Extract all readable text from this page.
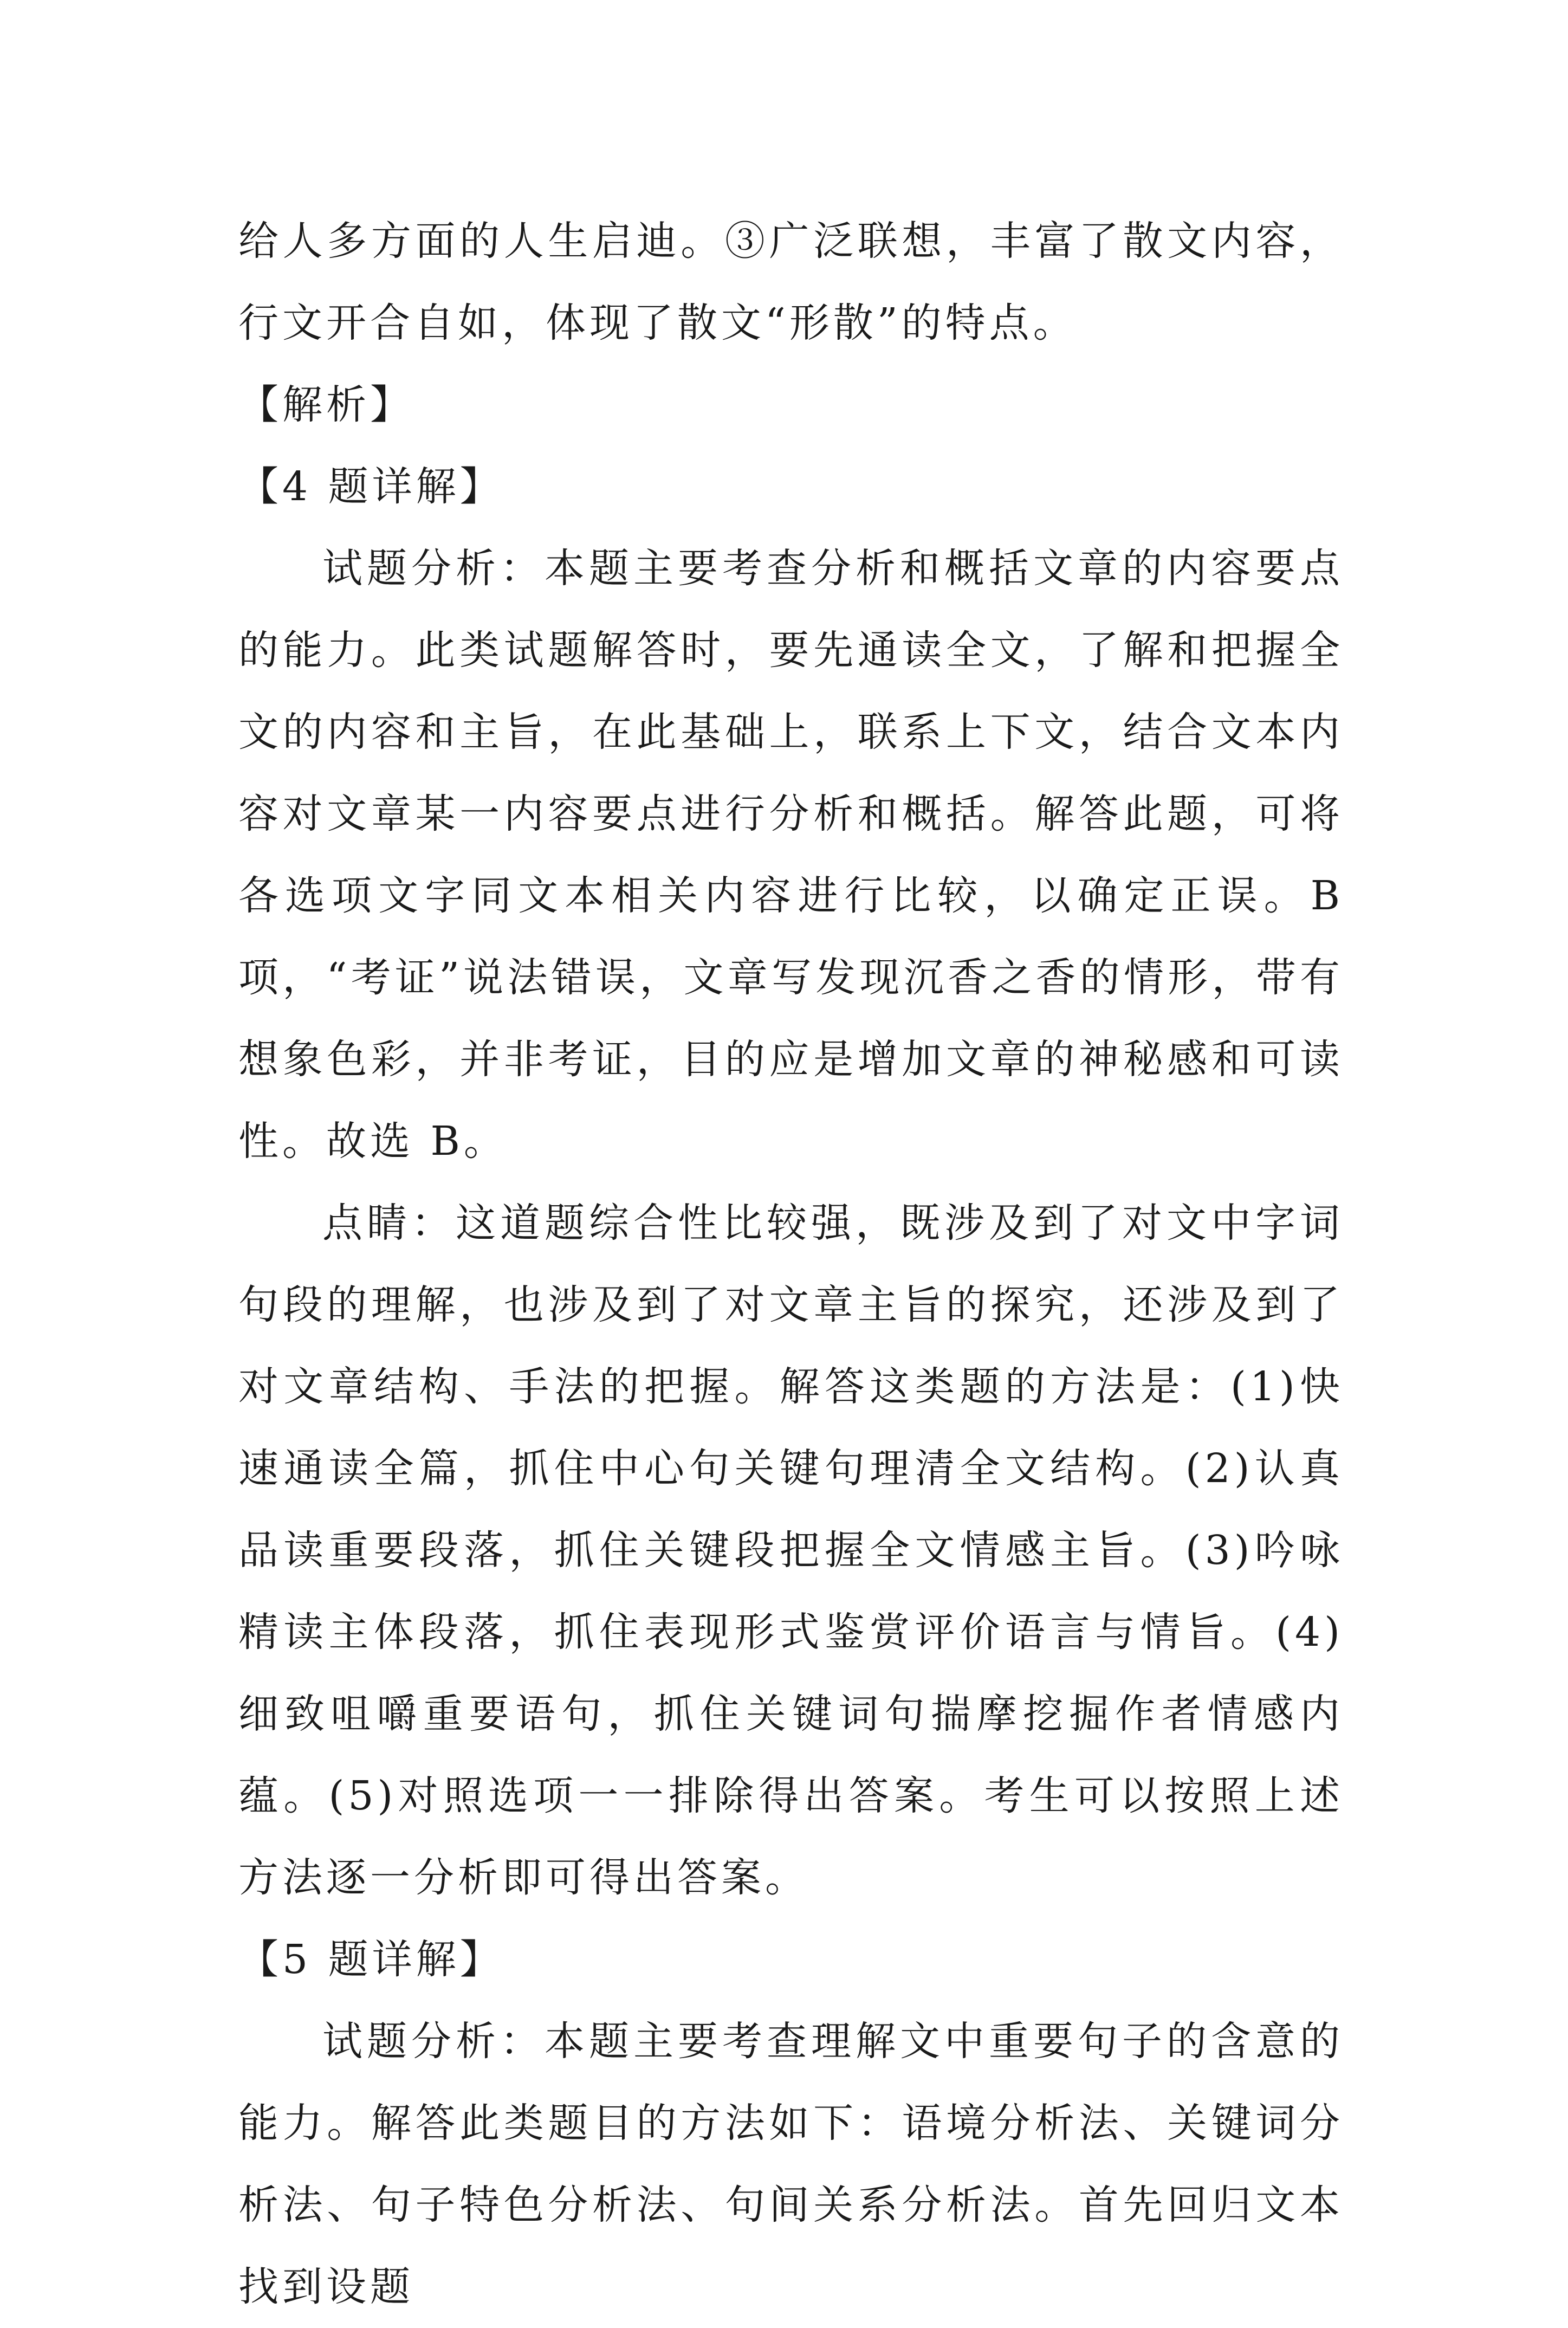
给人多方面的人生启迪。③广泛联想，丰富了散文内容，行文开合自如，体现了散文“形散”的特点。

【解析】

【4 题详解】

试题分析：本题主要考查分析和概括文章的内容要点的能力。此类试题解答时，要先通读全文，了解和把握全文的内容和主旨，在此基础上，联系上下文，结合文本内容对文章某一内容要点进行分析和概括。解答此题，可将各选项文字同文本相关内容进行比较，以确定正误。B 项，“考证”说法错误，文章写发现沉香之香的情形，带有想象色彩，并非考证，目的应是增加文章的神秘感和可读性。故选 B。

点睛：这道题综合性比较强，既涉及到了对文中字词句段的理解，也涉及到了对文章主旨的探究，还涉及到了对文章结构、手法的把握。解答这类题的方法是：(1)快速通读全篇，抓住中心句关键句理清全文结构。(2)认真品读重要段落，抓住关键段把握全文情感主旨。(3)吟咏精读主体段落，抓住表现形式鉴赏评价语言与情旨。(4)细致咀嚼重要语句，抓住关键词句揣摩挖掘作者情感内蕴。(5)对照选项一一排除得出答案。考生可以按照上述方法逐一分析即可得出答案。

【5 题详解】

试题分析：本题主要考查理解文中重要句子的含意的能力。解答此类题目的方法如下：语境分析法、关键词分析法、句子特色分析法、句间关系分析法。首先回归文本找到设题
